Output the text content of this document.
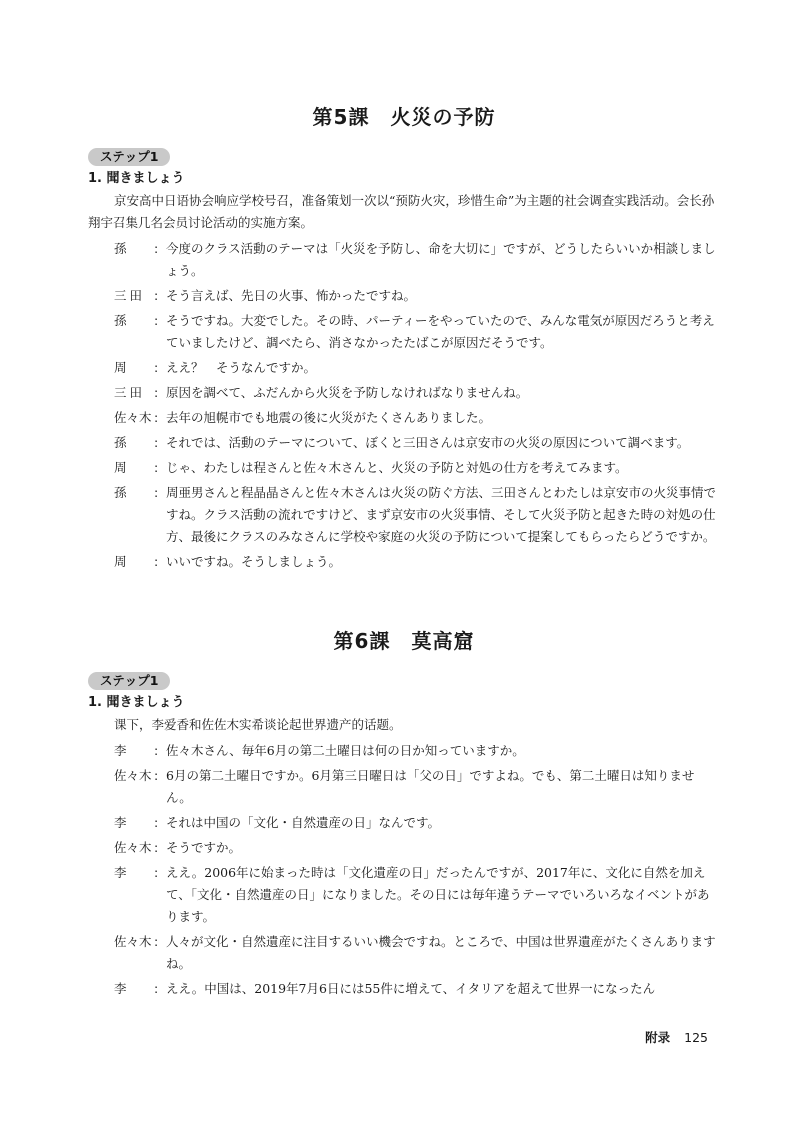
第5課　火災の予防
ステップ1
1. 聞きましょう
京安高中日语协会响应学校号召，准备策划一次以“预防火灾，珍惜生命”为主题的社会调查实践活动。会长孙翔宇召集几名会员讨论活动的实施方案。
孫	: 今度のクラス活動のテーマは「火災を予防し、命を大切に」ですが、どうしたらいいか相談しましょう。
三田 : そう言えば、先日の火事、怖かったですね。
孫	: そうですね。大変でした。その時、パーティーをやっていたので、みんな電気が原因だろうと考えていましたけど、調べたら、消さなかったたばこが原因だそうです。
周	: ええ？　そうなんですか。
三田 : 原因を調べて、ふだんから火災を予防しなければなりませんね。
佐々木 : 去年の旭幌市でも地震の後に火災がたくさんありました。
孫	: それでは、活動のテーマについて、ぼくと三田さんは京安市の火災の原因について調べます。
周	: じゃ、わたしは程さんと佐々木さんと、火災の予防と対処の仕方を考えてみます。
孫	: 周亜男さんと程晶晶さんと佐々木さんは火災の防ぐ方法、三田さんとわたしは京安市の火災事情ですね。クラス活動の流れですけど、まず京安市の火災事情、そして火災予防と起きた時の対処の仕方、最後にクラスのみなさんに学校や家庭の火災の予防について提案してもらったらどうですか。
周	: いいですね。そうしましょう。
第6課　莫高窟
ステップ1
1. 聞きましょう
课下，李爱香和佐佐木实希谈论起世界遗产的话题。
李	: 佐々木さん、毎年6月の第二土曜日は何の日か知っていますか。
佐々木 : 6月の第二土曜日ですか。6月第三日曜日は「父の日」ですよね。でも、第二土曜日は知りません。
李	: それは中国の「文化・自然遺産の日」なんです。
佐々木 : そうですか。
李	: ええ。2006年に始まった時は「文化遺産の日」だったんですが、2017年に、文化に自然を加えて、「文化・自然遺産の日」になりました。その日には毎年違うテーマでいろいろなイベントがあります。
佐々木 : 人々が文化・自然遺産に注目するいい機会ですね。ところで、中国は世界遺産がたくさんありますね。
李	: ええ。中国は、2019年7月6日には55件に増えて、イタリアを超えて世界一になったん
附录 125
